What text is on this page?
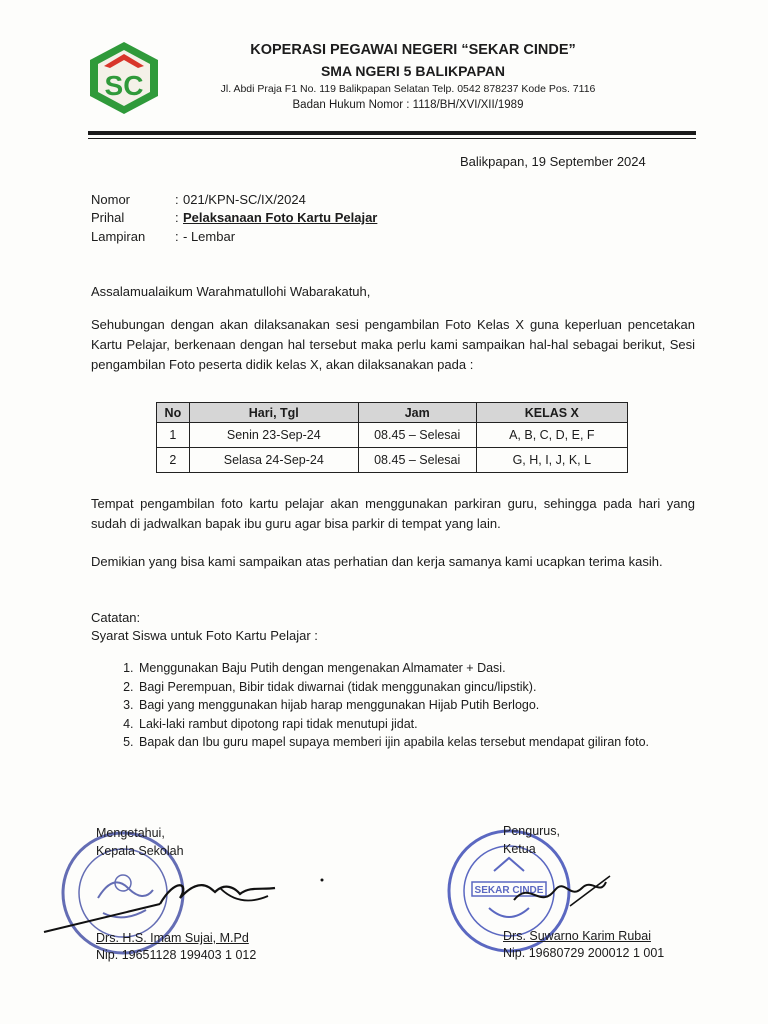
SC
KOPERASI PEGAWAI NEGERI “SEKAR CINDE”
SMA NGERI 5 BALIKPAPAN
Jl. Abdi Praja F1 No. 119 Balikpapan Selatan Telp. 0542 878237 Kode Pos. 7116
Badan Hukum Nomor : 1118/BH/XVI/XII/1989
Balikpapan, 19 September 2024
Nomor	: 021/KPN-SC/IX/2024
Prihal	: Pelaksanaan Foto Kartu Pelajar
Lampiran : - Lembar
Assalamualaikum Warahmatullohi Wabarakatuh,
Sehubungan dengan akan dilaksanakan sesi pengambilan Foto Kelas X guna keperluan pencetakan Kartu Pelajar, berkenaan dengan hal tersebut maka perlu kami sampaikan hal-hal sebagai berikut, Sesi pengambilan Foto peserta didik kelas X, akan dilaksanakan pada :
No	Hari, Tgl	Jam	KELAS X
1	Senin 23-Sep-24	08.45 – Selesai	A, B, C, D, E, F
2	Selasa 24-Sep-24	08.45 – Selesai	G, H, I, J, K, L
Tempat pengambilan foto kartu pelajar akan menggunakan parkiran guru, sehingga pada hari yang sudah di jadwalkan bapak ibu guru agar bisa parkir di tempat yang lain.
Demikian yang bisa kami sampaikan atas perhatian dan kerja samanya kami ucapkan terima kasih.
Catatan:
Syarat Siswa untuk Foto Kartu Pelajar :
1. Menggunakan Baju Putih dengan mengenakan Almamater + Dasi.
2. Bagi Perempuan, Bibir tidak diwarnai (tidak menggunakan gincu/lipstik).
3. Bagi yang menggunakan hijab harap menggunakan Hijab Putih Berlogo.
4. Laki-laki rambut dipotong rapi tidak menutupi jidat.
5. Bapak dan Ibu guru mapel supaya memberi ijin apabila kelas tersebut mendapat giliran foto.
Mengetahui,
Kepala Sekolah
Drs. H.S. Imam Sujai, M.Pd
Nip. 19651128 199403 1 012
SEKAR CINDE
Pengurus,
Ketua
Drs. Suwarno Karim Rubai
Nip. 19680729 200012 1 001
